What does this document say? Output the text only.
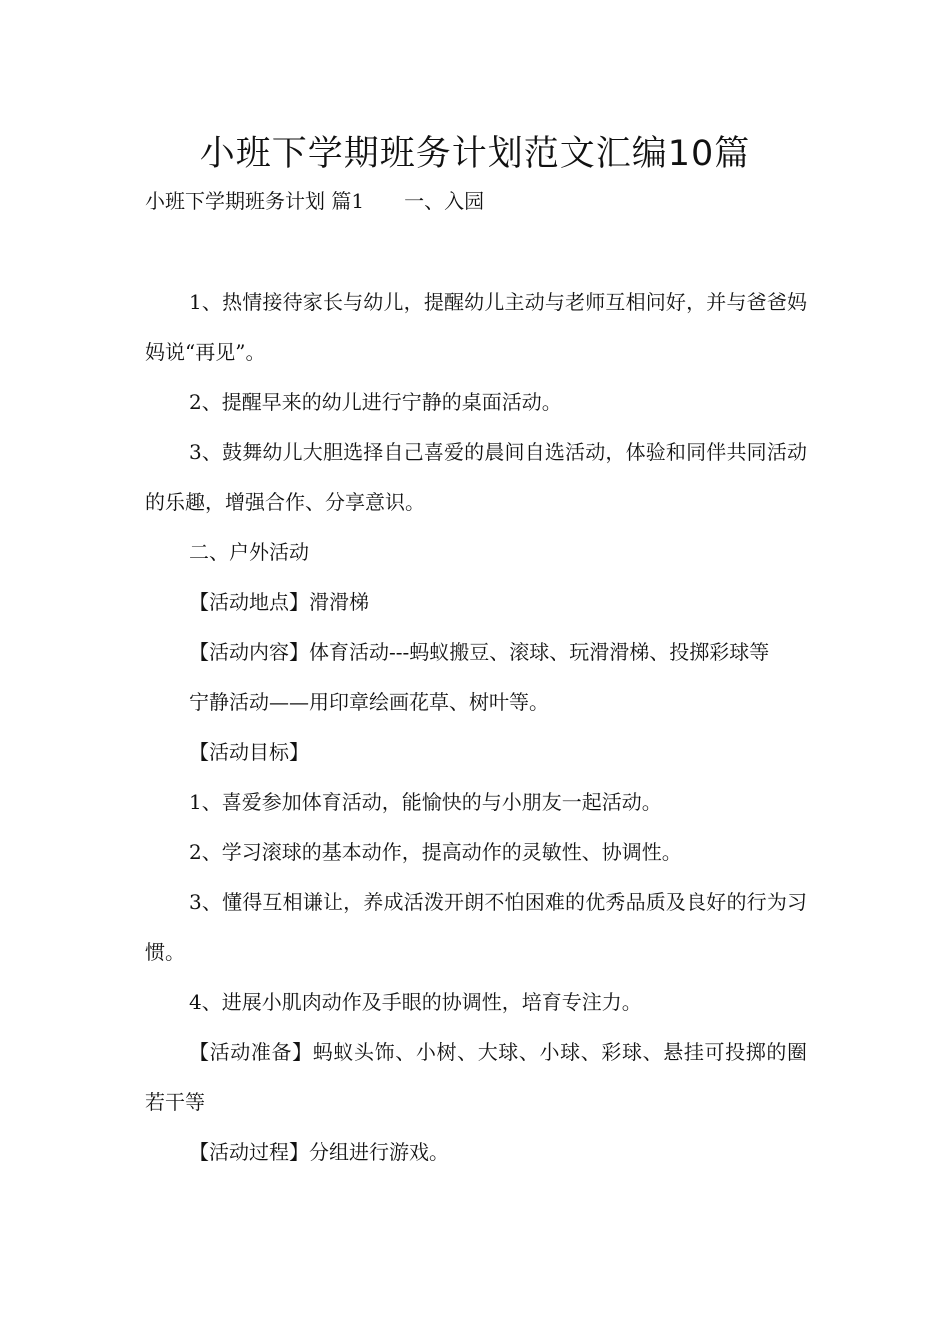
小班下学期班务计划范文汇编10篇

小班下学期班务计划 篇1　　一、入园

1、热情接待家长与幼儿，提醒幼儿主动与老师互相问好，并与爸爸妈妈说“再见”。

2、提醒早来的幼儿进行宁静的桌面活动。

3、鼓舞幼儿大胆选择自己喜爱的晨间自选活动，体验和同伴共同活动的乐趣，增强合作、分享意识。

二、户外活动

【活动地点】滑滑梯

【活动内容】体育活动---蚂蚁搬豆、滚球、玩滑滑梯、投掷彩球等

宁静活动——用印章绘画花草、树叶等。

【活动目标】

1、喜爱参加体育活动，能愉快的与小朋友一起活动。

2、学习滚球的基本动作，提高动作的灵敏性、协调性。

3、懂得互相谦让，养成活泼开朗不怕困难的优秀品质及良好的行为习惯。

4、进展小肌肉动作及手眼的协调性，培育专注力。

【活动准备】蚂蚁头饰、小树、大球、小球、彩球、悬挂可投掷的圈若干等

【活动过程】分组进行游戏。
